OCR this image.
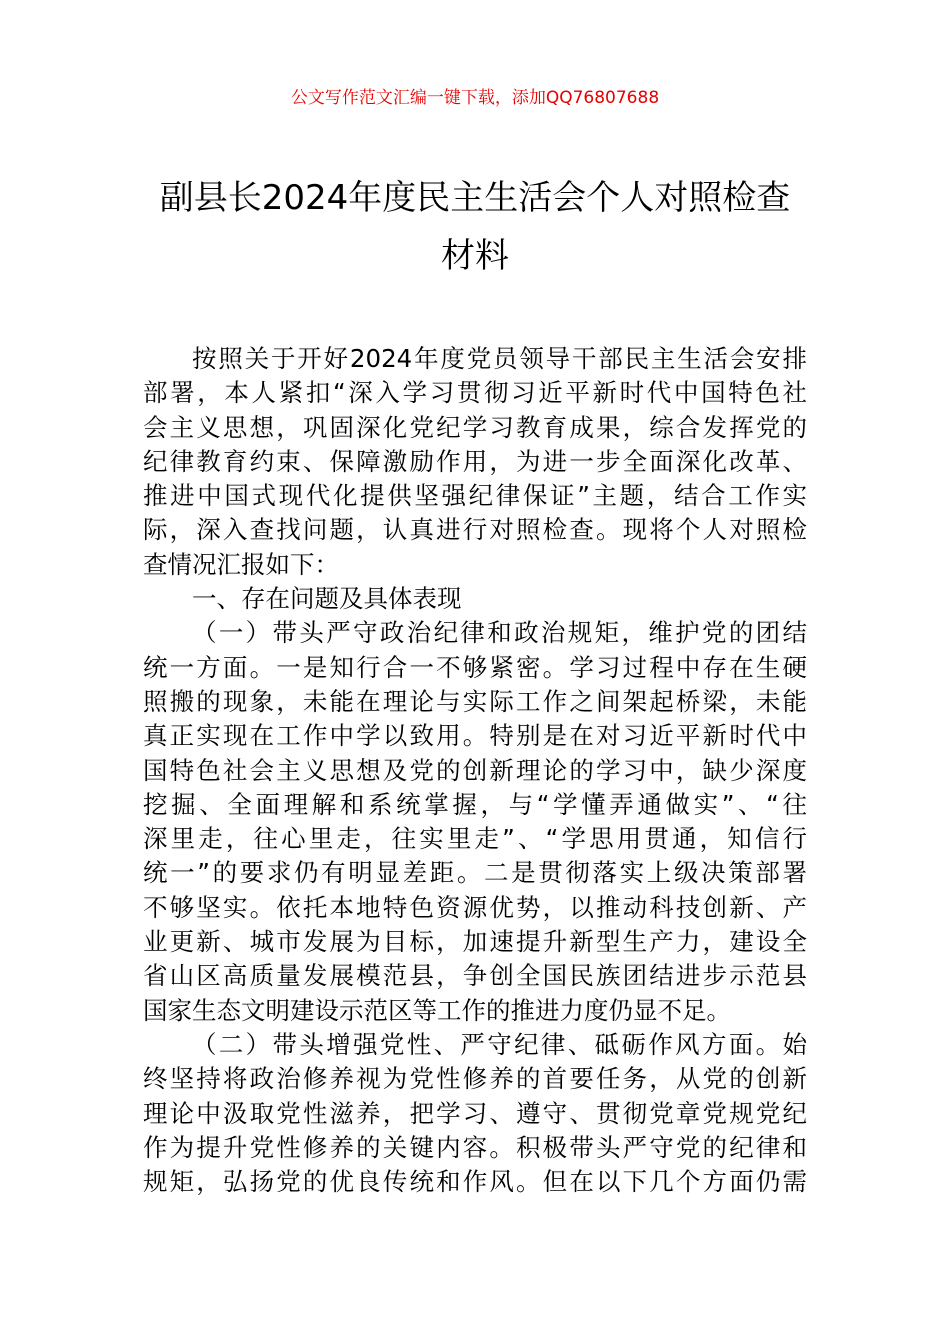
公文写作范文汇编一键下载，添加QQ76807688
副县长2024年度民主生活会个人对照检查
材料
按照关于开好2024年度党员领导干部民主生活会安排
部署，本人紧扣“深入学习贯彻习近平新时代中国特色社
会主义思想，巩固深化党纪学习教育成果，综合发挥党的
纪律教育约束、保障激励作用，为进一步全面深化改革、
推进中国式现代化提供坚强纪律保证”主题，结合工作实
际，深入查找问题，认真进行对照检查。现将个人对照检
查情况汇报如下：
一、存在问题及具体表现
（一）带头严守政治纪律和政治规矩，维护党的团结
统一方面。一是知行合一不够紧密。学习过程中存在生硬
照搬的现象，未能在理论与实际工作之间架起桥梁，未能
真正实现在工作中学以致用。特别是在对习近平新时代中
国特色社会主义思想及党的创新理论的学习中，缺少深度
挖掘、全面理解和系统掌握，与“学懂弄通做实”、“往
深里走，往心里走，往实里走”、“学思用贯通，知信行
统一”的要求仍有明显差距。二是贯彻落实上级决策部署
不够坚实。依托本地特色资源优势，以推动科技创新、产
业更新、城市发展为目标，加速提升新型生产力，建设全
省山区高质量发展模范县，争创全国民族团结进步示范县
国家生态文明建设示范区等工作的推进力度仍显不足。
（二）带头增强党性、严守纪律、砥砺作风方面。始
终坚持将政治修养视为党性修养的首要任务，从党的创新
理论中汲取党性滋养，把学习、遵守、贯彻党章党规党纪
作为提升党性修养的关键内容。积极带头严守党的纪律和
规矩，弘扬党的优良传统和作风。但在以下几个方面仍需
